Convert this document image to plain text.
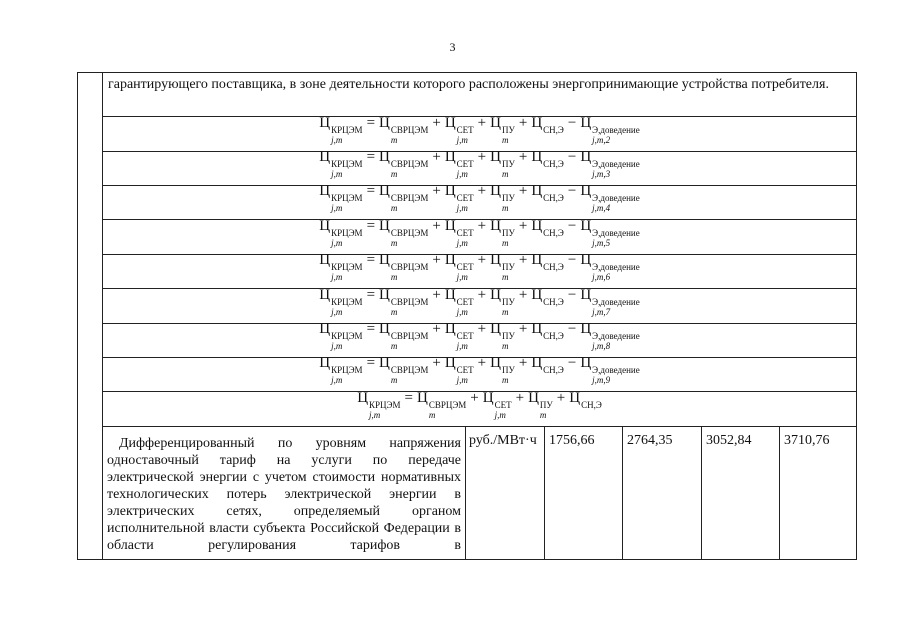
3
гарантирующего поставщика, в зоне деятельности которого расположены энергопринимающие устройства потребителя.
Ц КРЦЭМ
j,m
= Ц СВРЦЭМ
m
+ Ц СЕТ
j,m
+ Ц ПУ
m
+ Ц СН,Э
− Ц Э,доведение
j,m,2
Ц КРЦЭМ
j,m
= Ц СВРЦЭМ
m
+ Ц СЕТ
j,m
+ Ц ПУ
m
+ Ц СН,Э
− Ц Э,доведение
j,m,3
Ц КРЦЭМ
j,m
= Ц СВРЦЭМ
m
+ Ц СЕТ
j,m
+ Ц ПУ
m
+ Ц СН,Э
− Ц Э,доведение
j,m,4
Ц КРЦЭМ
j,m
= Ц СВРЦЭМ
m
+ Ц СЕТ
j,m
+ Ц ПУ
m
+ Ц СН,Э
− Ц Э,доведение
j,m,5
Ц КРЦЭМ
j,m
= Ц СВРЦЭМ
m
+ Ц СЕТ
j,m
+ Ц ПУ
m
+ Ц СН,Э
− Ц Э,доведение
j,m,6
Ц КРЦЭМ
j,m
= Ц СВРЦЭМ
m
+ Ц СЕТ
j,m
+ Ц ПУ
m
+ Ц СН,Э
− Ц Э,доведение
j,m,7
Ц КРЦЭМ
j,m
= Ц СВРЦЭМ
m
+ Ц СЕТ
j,m
+ Ц ПУ
m
+ Ц СН,Э
− Ц Э,доведение
j,m,8
Ц КРЦЭМ
j,m
= Ц СВРЦЭМ
m
+ Ц СЕТ
j,m
+ Ц ПУ
m
+ Ц СН,Э
− Ц Э,доведение
j,m,9
Ц КРЦЭМ
j,m
= Ц СВРЦЭМ
m
+ Ц СЕТ
j,m
+ Ц ПУ
m
+ Ц СН,Э

Дифференцированный по уровням напряжения одноставочный тариф на услуги по передаче электрической энергии с учетом стоимости нормативных технологических потерь электрической энергии в электрических сетях, определяемый органом исполнительной власти субъекта Российской Федерации в области регулирования тарифов в
руб./МВт·ч 1756,66 2764,35 3052,84 3710,76
